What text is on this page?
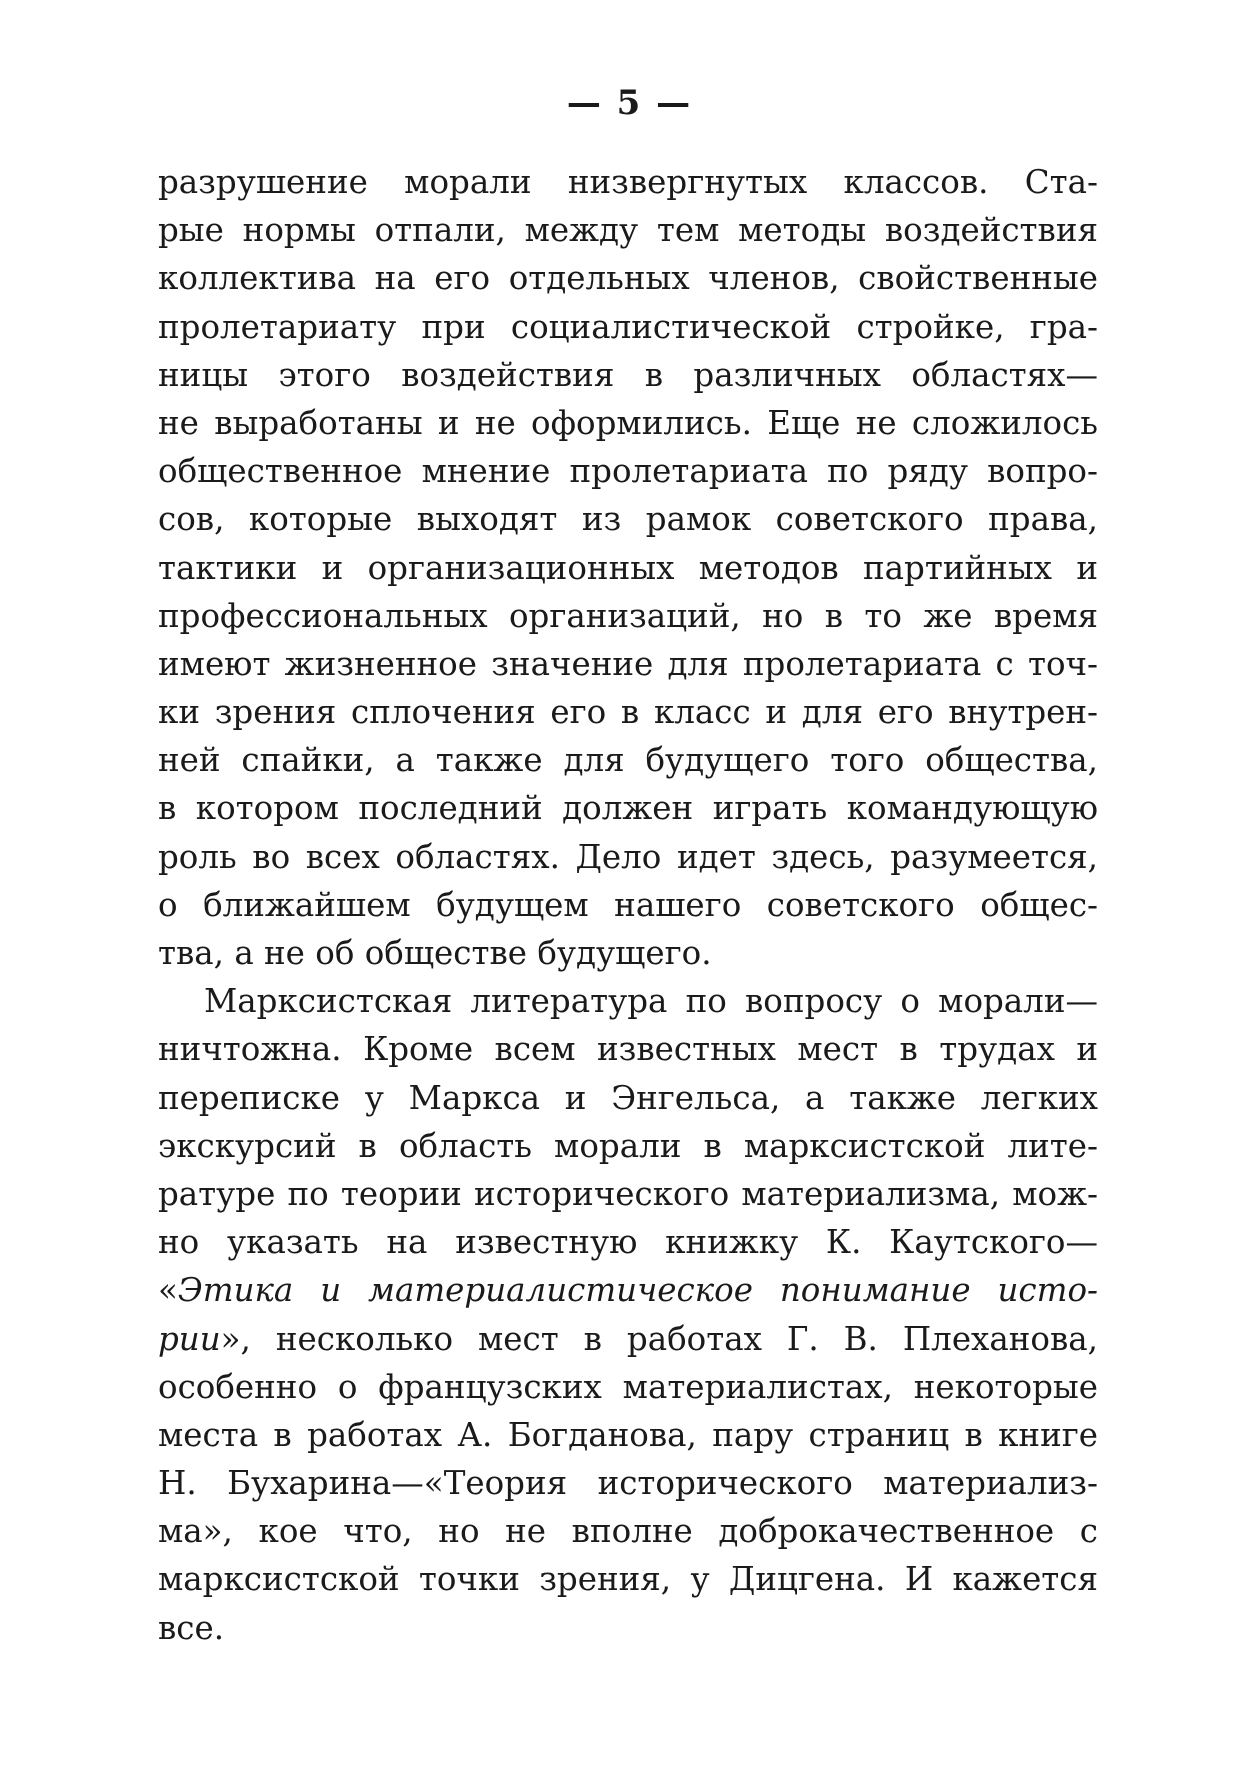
— 5 —
разрушение морали низвергнутых классов. Ста-
рые нормы отпали, между тем методы воздействия
коллектива на его отдельных членов, свойственные
пролетариату при социалистической стройке, гра-
ницы этого воздействия в различных областях—
не выработаны и не оформились. Еще не сложилось
общественное мнение пролетариата по ряду вопро-
сов, которые выходят из рамок советского права,
тактики и организационных методов партийных и
профессиональных организаций, но в то же время
имеют жизненное значение для пролетариата с точ-
ки зрения сплочения его в класс и для его внутрен-
ней спайки, а также для будущего того общества,
в котором последний должен играть командующую
роль во всех областях. Дело идет здесь, разумеется,
о ближайшем будущем нашего советского общес-
тва, а не об обществе будущего.
Марксистская литература по вопросу о морали—
ничтожна. Кроме всем известных мест в трудах и
переписке у Маркса и Энгельса, а также легких
экскурсий в область морали в марксистской лите-
ратуре по теории исторического материализма, мож-
но указать на известную книжку К. Каутского—
«Этика и материалистическое понимание исто-
рии», несколько мест в работах Г. В. Плеханова,
особенно о французских материалистах, некоторые
места в работах А. Богданова, пару страниц в книге
Н. Бухарина—«Теория исторического материализ-
ма», кое что, но не вполне доброкачественное с
марксистской точки зрения, у Дицгена. И кажется
все.
